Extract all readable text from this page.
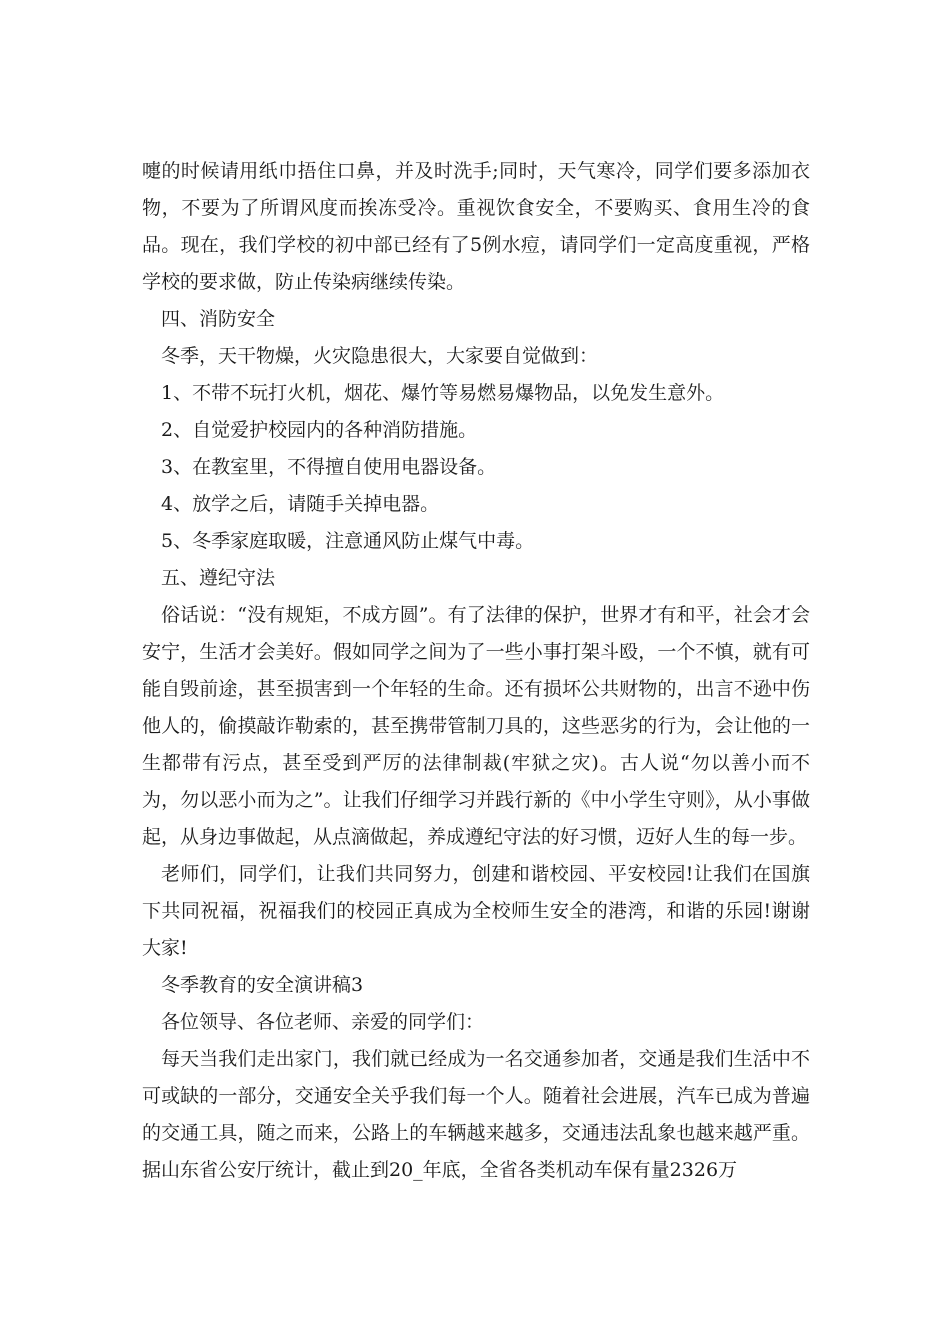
嚏的时候请用纸巾捂住口鼻，并及时洗手;同时，天气寒冷，同学们要多添加衣物，不要为了所谓风度而挨冻受冷。重视饮食安全，不要购买、食用生冷的食品。现在，我们学校的初中部已经有了5例水痘，请同学们一定高度重视，严格学校的要求做，防止传染病继续传染。

四、消防安全

冬季，天干物燥，火灾隐患很大，大家要自觉做到：

1、不带不玩打火机，烟花、爆竹等易燃易爆物品，以免发生意外。

2、自觉爱护校园内的各种消防措施。

3、在教室里，不得擅自使用电器设备。

4、放学之后，请随手关掉电器。

5、冬季家庭取暖，注意通风防止煤气中毒。

五、遵纪守法

俗话说：“没有规矩，不成方圆”。有了法律的保护，世界才有和平，社会才会安宁，生活才会美好。假如同学之间为了一些小事打架斗殴，一个不慎，就有可能自毁前途，甚至损害到一个年轻的生命。还有损坏公共财物的，出言不逊中伤他人的，偷摸敲诈勒索的，甚至携带管制刀具的，这些恶劣的行为，会让他的一生都带有污点，甚至受到严厉的法律制裁(牢狱之灾)。古人说“勿以善小而不为，勿以恶小而为之”。让我们仔细学习并践行新的《中小学生守则》，从小事做起，从身边事做起，从点滴做起，养成遵纪守法的好习惯，迈好人生的每一步。

老师们，同学们，让我们共同努力，创建和谐校园、平安校园!让我们在国旗下共同祝福，祝福我们的校园正真成为全校师生安全的港湾，和谐的乐园!谢谢大家!

冬季教育的安全演讲稿3

各位领导、各位老师、亲爱的同学们：

每天当我们走出家门，我们就已经成为一名交通参加者，交通是我们生活中不可或缺的一部分，交通安全关乎我们每一个人。随着社会进展，汽车已成为普遍的交通工具，随之而来，公路上的车辆越来越多，交通违法乱象也越来越严重。据山东省公安厅统计，截止到20_年底，全省各类机动车保有量2326万
